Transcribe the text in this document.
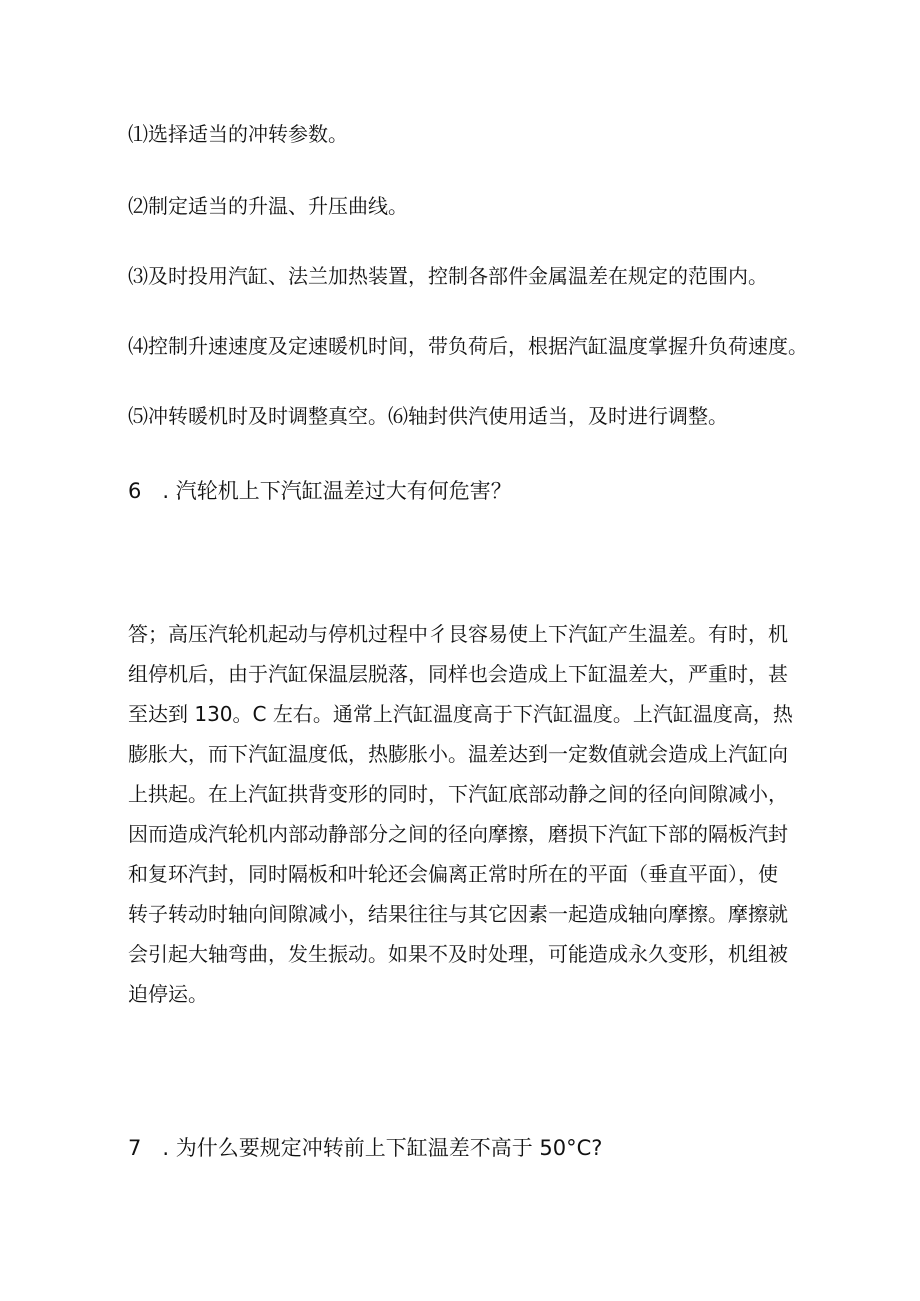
⑴选择适当的冲转参数。
⑵制定适当的升温、升压曲线。
⑶及时投用汽缸、法兰加热装置，控制各部件金属温差在规定的范围内。
⑷控制升速速度及定速暖机时间，带负荷后，根据汽缸温度掌握升负荷速度。
⑸冲转暖机时及时调整真空。⑹轴封供汽使用适当，及时进行调整。
6　. 汽轮机上下汽缸温差过大有何危害？
答；高压汽轮机起动与停机过程中彳艮容易使上下汽缸产生温差。有时，机
组停机后，由于汽缸保温层脱落，同样也会造成上下缸温差大，严重时，甚
至达到 130。C 左右。通常上汽缸温度高于下汽缸温度。上汽缸温度高，热
膨胀大，而下汽缸温度低，热膨胀小。温差达到一定数值就会造成上汽缸向
上拱起。在上汽缸拱背变形的同时，下汽缸底部动静之间的径向间隙减小，
因而造成汽轮机内部动静部分之间的径向摩擦，磨损下汽缸下部的隔板汽封
和复环汽封，同时隔板和叶轮还会偏离正常时所在的平面（垂直平面），使
转子转动时轴向间隙减小，结果往往与其它因素一起造成轴向摩擦。摩擦就
会引起大轴弯曲，发生振动。如果不及时处理，可能造成永久变形，机组被
迫停运。
7　. 为什么要规定冲转前上下缸温差不高于 50°C?
